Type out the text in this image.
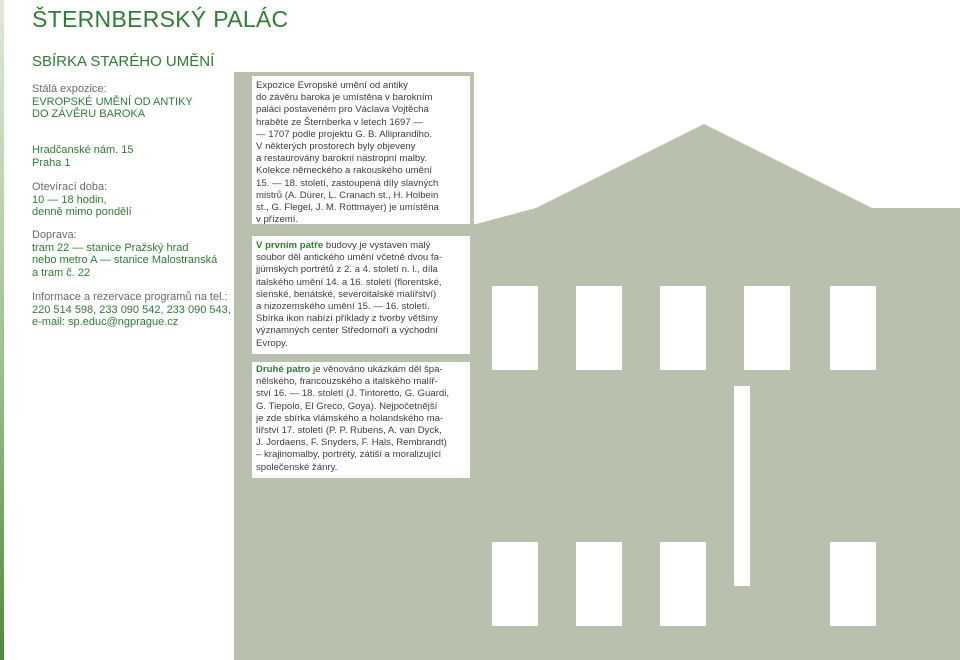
ŠTERNBERSKÝ PALÁC
SBÍRKA STARÉHO UMĚNÍ
Stálá expozice:
EVROPSKÉ UMĚNÍ OD ANTIKY
DO ZÁVĚRU BAROKA
Hradčanské nám. 15
Praha 1
Otevírací doba:
10 — 18 hodin,
denně mimo pondělí
Doprava:
tram 22 — stanice Pražský hrad
nebo metro A — stanice Malostranská
a tram č. 22
Informace a rezervace programů na tel.:
220 514 598, 233 090 542, 233 090 543,
e-mail: sp.educ@ngprague.cz
Expozice Evropské umění od antiky
do závěru baroka je umístěna v barokním
paláci postaveném pro Václava Vojtěcha
hraběte ze Šternberka v letech 1697 —
— 1707 podle projektu G. B. Alliprandiho.
V některých prostorech byly objeveny
a restaurovány barokní nástropní malby.
Kolekce německého a rakouského umění
15. — 18. století, zastoupená díly slavných
mistrů (A. Dürer, L. Cranach st., H. Holbein
st., G. Flegel, J. M. Rottmayer) je umístěna
v přízemí.
V prvním patře budovy je vystaven malý
soubor děl antického umění včetně dvou fa-
jjúmských portrétů z 2. a 4. století n. l., díla
italského umění 14. a 16. století (florentské,
sienské, benátské, severoitalské malířství)
a nizozemského umění 15. — 16. století.
Sbírka ikon nabízí příklady z tvorby většiny
významných center Středomoří a východní
Evropy.
Druhé patro je věnováno ukázkám děl špa-
nělského, francouzského a italského malíř-
ství 16. — 18. století (J. Tintoretto, G. Guardi,
G. Tiepolo, El Greco, Goya). Nejpočetnější
je zde sbírka vlámského a holandského ma-
lířství 17. století (P. P. Rubens, A. van Dyck,
J. Jordaens, F. Snyders, F. Hals, Rembrandt)
– krajinomalby, portréty, zátiší a moralizující
společenské žánry.
